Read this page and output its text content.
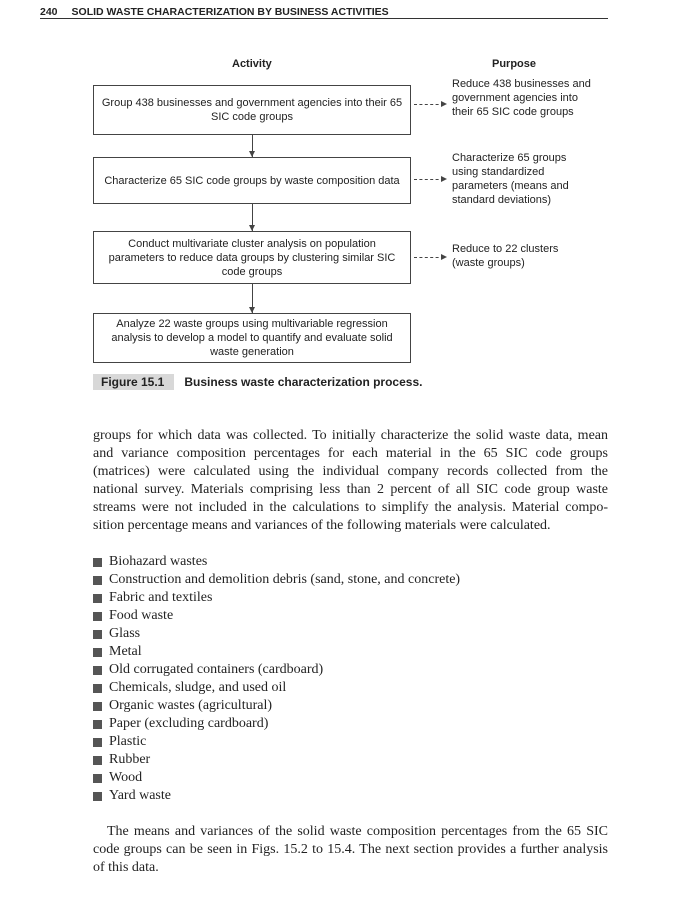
240 SOLID WASTE CHARACTERIZATION BY BUSINESS ACTIVITIES
Activity	Purpose
Group 438 businesses and government agencies into their 65 SIC code groups
Characterize 65 SIC code groups by waste composition data
Conduct multivariate cluster analysis on population parameters to reduce data groups by clustering similar SIC code groups
Analyze 22 waste groups using multivariable regression analysis to develop a model to quantify and evaluate solid waste generation
Reduce 438 businesses and government agencies into their 65 SIC code groups
Characterize 65 groups using standardized parameters (means and standard deviations)
Reduce to 22 clusters (waste groups)
Figure 15.1	Business waste characterization process.

groups for which data was collected. To initially characterize the solid waste data, mean and variance composition percentages for each material in the 65 SIC code groups (matrices) were calculated using the individual company records collected from the national survey. Materials comprising less than 2 percent of all SIC code group waste streams were not included in the calculations to simplify the analysis. Material compo-sition percentage means and variances of the following materials were calculated.

Biohazard wastes
Construction and demolition debris (sand, stone, and concrete)
Fabric and textiles
Food waste
Glass
Metal
Old corrugated containers (cardboard)
Chemicals, sludge, and used oil
Organic wastes (agricultural)
Paper (excluding cardboard)
Plastic
Rubber
Wood
Yard waste

The means and variances of the solid waste composition percentages from the 65 SIC code groups can be seen in Figs. 15.2 to 15.4. The next section provides a further analysis of this data.
